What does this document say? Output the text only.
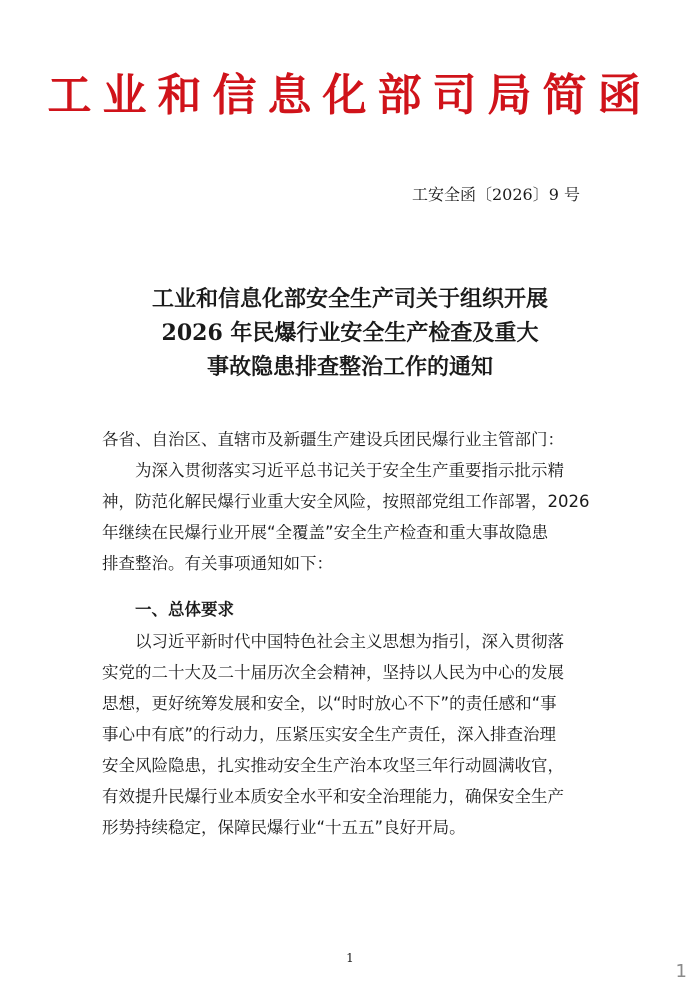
工业和信息化部司局简函
工安全函〔2026〕9 号
工业和信息化部安全生产司关于组织开展
2026 年民爆行业安全生产检查及重大
事故隐患排查整治工作的通知
各省、自治区、直辖市及新疆生产建设兵团民爆行业主管部门：
为深入贯彻落实习近平总书记关于安全生产重要指示批示精
神，防范化解民爆行业重大安全风险，按照部党组工作部署，2026
年继续在民爆行业开展“全覆盖”安全生产检查和重大事故隐患
排查整治。有关事项通知如下：
一、总体要求
以习近平新时代中国特色社会主义思想为指引，深入贯彻落
实党的二十大及二十届历次全会精神，坚持以人民为中心的发展
思想，更好统筹发展和安全，以“时时放心不下”的责任感和“事
事心中有底”的行动力，压紧压实安全生产责任，深入排查治理
安全风险隐患，扎实推动安全生产治本攻坚三年行动圆满收官，
有效提升民爆行业本质安全水平和安全治理能力，确保安全生产
形势持续稳定，保障民爆行业“十五五”良好开局。
1
1
